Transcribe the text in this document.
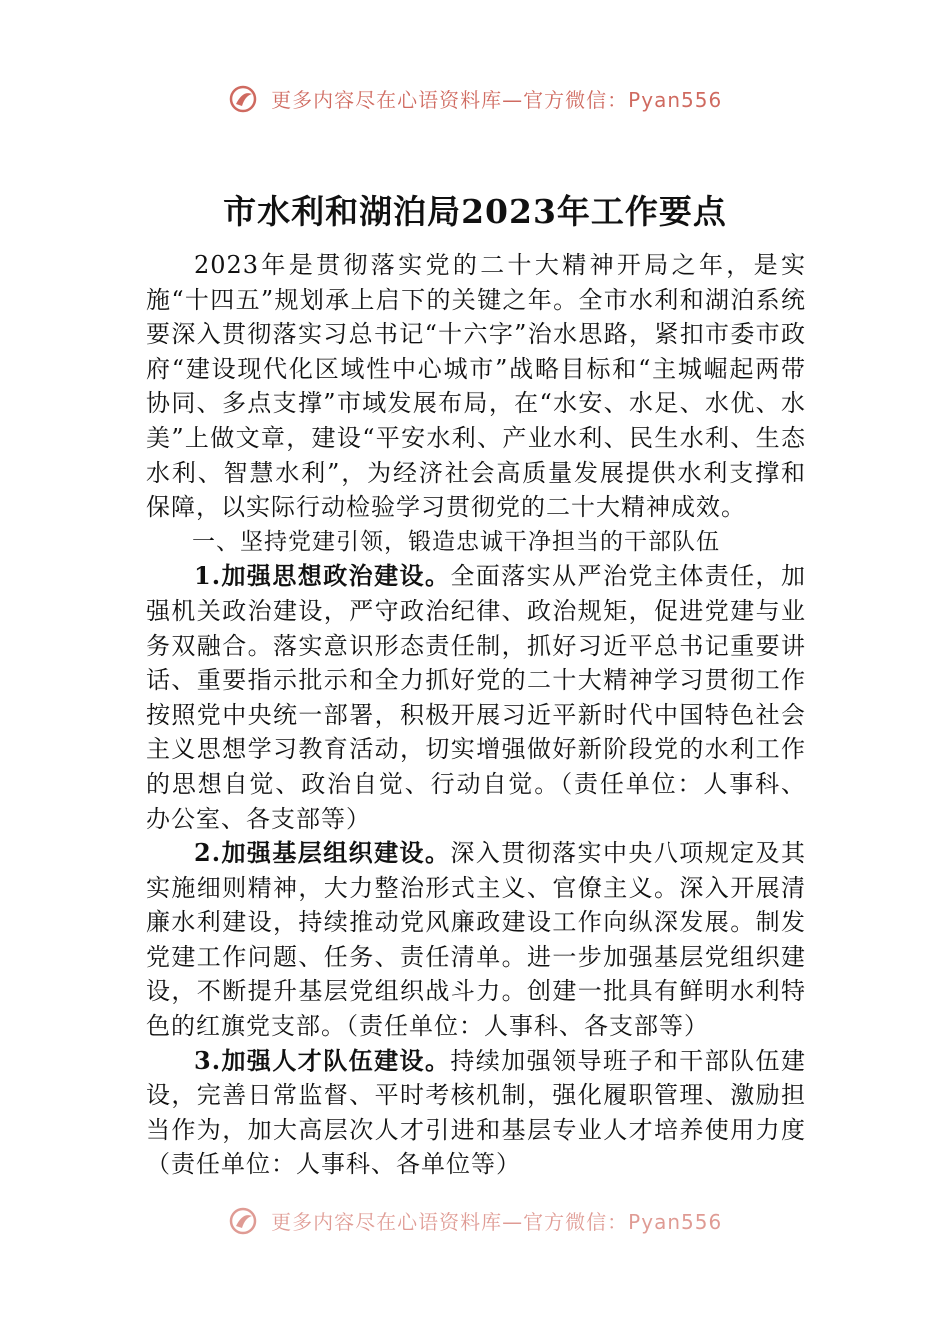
更多内容尽在心语资料库—官方微信：Pyan556
市水利和湖泊局2023年工作要点

2023年是贯彻落实党的二十大精神开局之年，是实施“十四五”规划承上启下的关键之年。全市水利和湖泊系统要深入贯彻落实习总书记“十六字”治水思路，紧扣市委市政府“建设现代化区域性中心城市”战略目标和“主城崛起两带协同、多点支撑”市域发展布局，在“水安、水足、水优、水美”上做文章，建设“平安水利、产业水利、民生水利、生态水利、智慧水利”，为经济社会高质量发展提供水利支撑和保障，以实际行动检验学习贯彻党的二十大精神成效。

一、坚持党建引领，锻造忠诚干净担当的干部队伍

1.加强思想政治建设。全面落实从严治党主体责任，加强机关政治建设，严守政治纪律、政治规矩，促进党建与业务双融合。落实意识形态责任制，抓好习近平总书记重要讲话、重要指示批示和全力抓好党的二十大精神学习贯彻工作按照党中央统一部署，积极开展习近平新时代中国特色社会主义思想学习教育活动，切实增强做好新阶段党的水利工作的思想自觉、政治自觉、行动自觉。（责任单位：人事科、办公室、各支部等）

2.加强基层组织建设。深入贯彻落实中央八项规定及其实施细则精神，大力整治形式主义、官僚主义。深入开展清廉水利建设，持续推动党风廉政建设工作向纵深发展。制发党建工作问题、任务、责任清单。进一步加强基层党组织建设，不断提升基层党组织战斗力。创建一批具有鲜明水利特色的红旗党支部。（责任单位：人事科、各支部等）

3.加强人才队伍建设。持续加强领导班子和干部队伍建设，完善日常监督、平时考核机制，强化履职管理、激励担当作为，加大高层次人才引进和基层专业人才培养使用力度（责任单位：人事科、各单位等）

更多内容尽在心语资料库—官方微信：Pyan556
